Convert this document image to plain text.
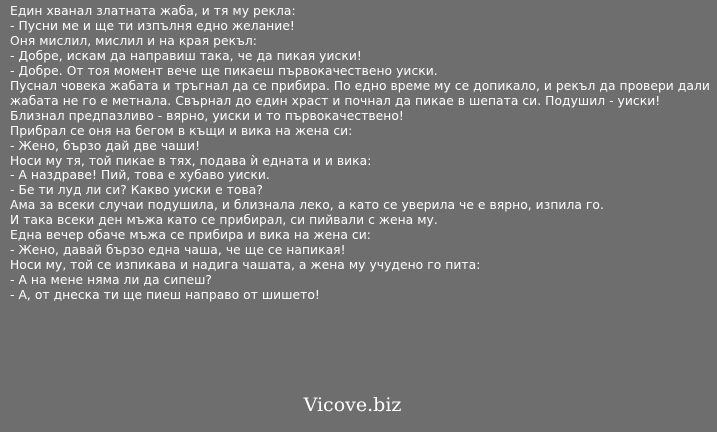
Един хванал златната жаба, и тя му рекла:
- Пусни ме и ще ти изпълня едно желание!
Оня мислил, мислил и на края рекъл:
- Добре, искам да направиш така, че да пикая уиски!
- Добре. От тоя момент вече ще пикаеш първокачествено уиски.
Пуснал човека жабата и тръгнал да се прибира. По едно време му се допикало, и рекъл да провери дали жабата не го е метнала. Свърнал до един храст и почнал да пикае в шепата си. Подушил - уиски! Близнал предпазливо - вярно, уиски и то първокачествено!
Прибрал се оня на бегом в къщи и вика на жена си:
- Жено, бързо дай две чаши!
Носи му тя, той пикае в тях, подава ѝ едната и и вика:
- А наздраве! Пий, това е хубаво уиски.
- Бе ти луд ли си? Какво уиски е това?
Ама за всеки случаи подушила, и близнала леко, а като се уверила че е вярно, изпила го.
И така всеки ден мъжа като се прибирал, си пийвали с жена му.
Една вечер обаче мъжа се прибира и вика на жена си:
- Жено, давай бързо една чаша, че ще се напикая!
Носи му, той се изпикава и надига чашата, а жена му учудено го пита:
- А на мене няма ли да сипеш?
- А, от днеска ти ще пиеш направо от шишето!
Vicove.biz
